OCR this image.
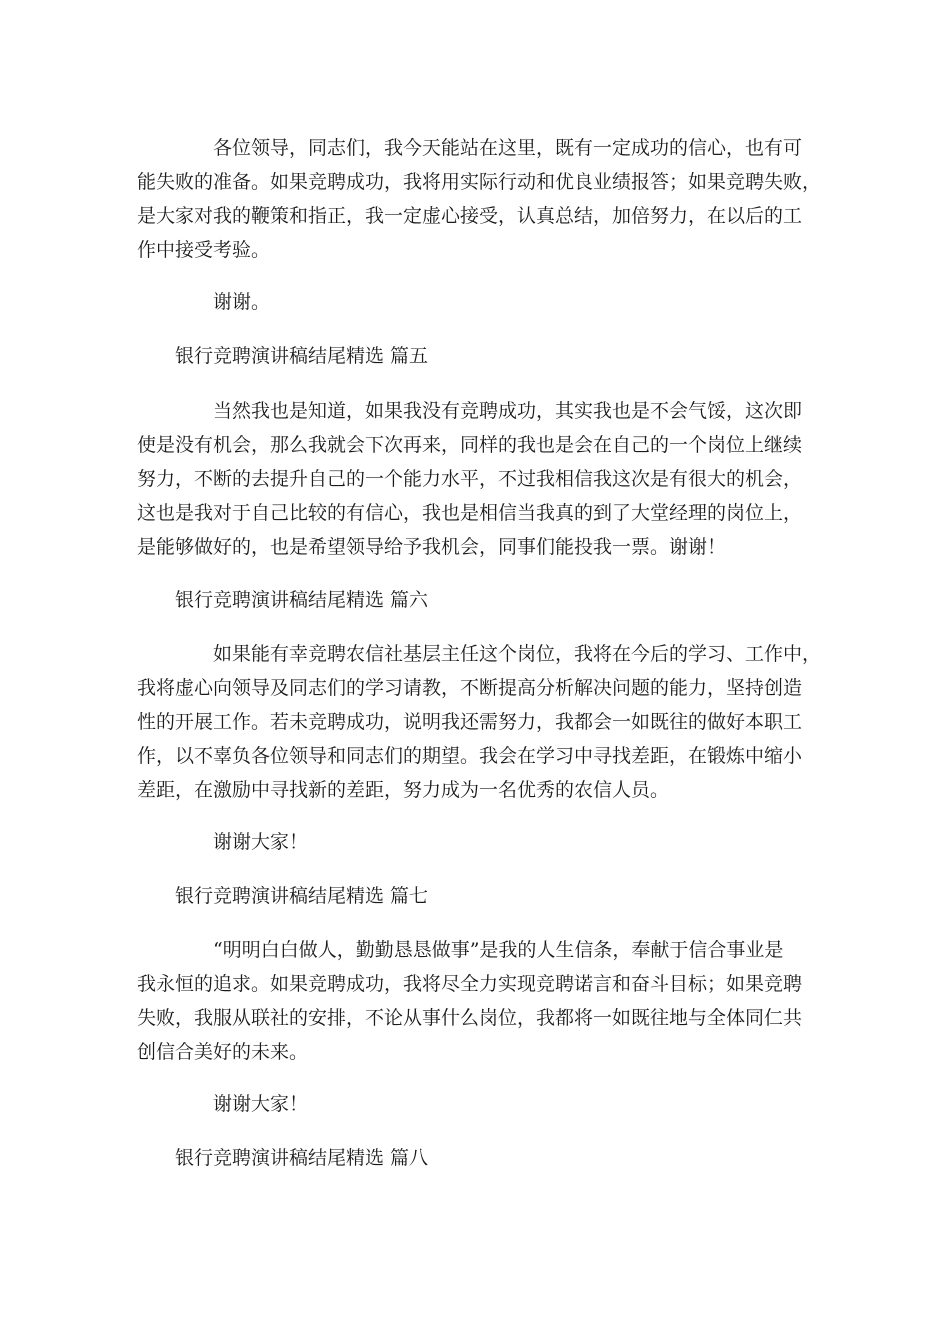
各位领导，同志们，我今天能站在这里，既有一定成功的信心，也有可
能失败的准备。如果竞聘成功，我将用实际行动和优良业绩报答；如果竞聘失败，
是大家对我的鞭策和指正，我一定虚心接受，认真总结，加倍努力，在以后的工
作中接受考验。

谢谢。

银行竞聘演讲稿结尾精选 篇五

当然我也是知道，如果我没有竞聘成功，其实我也是不会气馁，这次即
使是没有机会，那么我就会下次再来，同样的我也是会在自己的一个岗位上继续
努力，不断的去提升自己的一个能力水平，不过我相信我这次是有很大的机会，
这也是我对于自己比较的有信心，我也是相信当我真的到了大堂经理的岗位上，
是能够做好的，也是希望领导给予我机会，同事们能投我一票。谢谢！

银行竞聘演讲稿结尾精选 篇六

如果能有幸竞聘农信社基层主任这个岗位，我将在今后的学习、工作中，
我将虚心向领导及同志们的学习请教，不断提高分析解决问题的能力，坚持创造
性的开展工作。若未竞聘成功，说明我还需努力，我都会一如既往的做好本职工
作，以不辜负各位领导和同志们的期望。我会在学习中寻找差距，在锻炼中缩小
差距，在激励中寻找新的差距，努力成为一名优秀的农信人员。

谢谢大家！

银行竞聘演讲稿结尾精选 篇七

“明明白白做人，勤勤恳恳做事”是我的人生信条，奉献于信合事业是
我永恒的追求。如果竞聘成功，我将尽全力实现竞聘诺言和奋斗目标；如果竞聘
失败，我服从联社的安排，不论从事什么岗位，我都将一如既往地与全体同仁共
创信合美好的未来。

谢谢大家！

银行竞聘演讲稿结尾精选 篇八
